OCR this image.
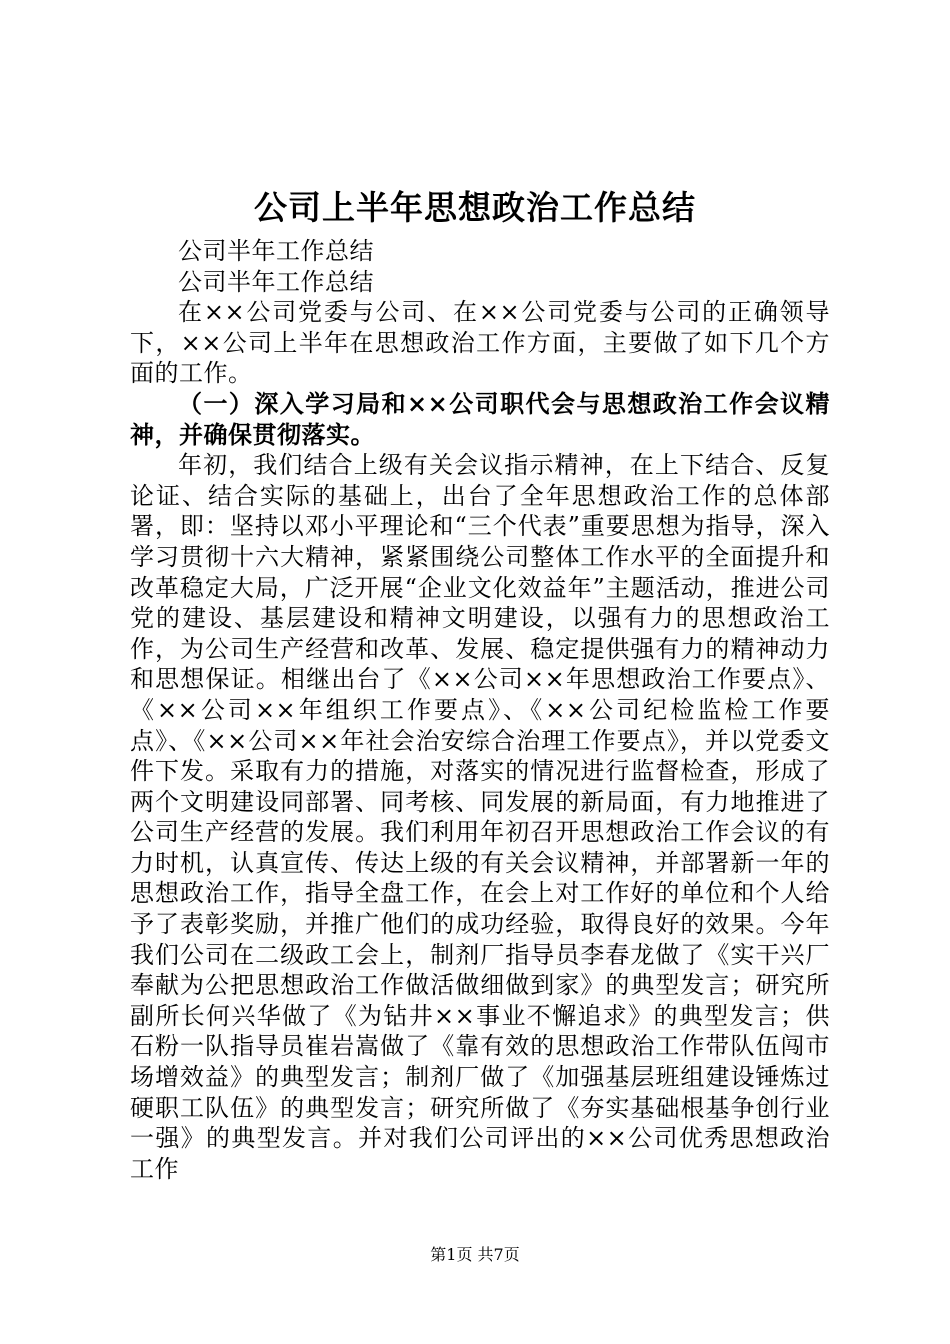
公司上半年思想政治工作总结

公司半年工作总结

公司半年工作总结

在××公司党委与公司、在××公司党委与公司的正确领导下，××公司上半年在思想政治工作方面，主要做了如下几个方面的工作。

（一）深入学习局和××公司职代会与思想政治工作会议精神，并确保贯彻落实。

年初，我们结合上级有关会议指示精神，在上下结合、反复论证、结合实际的基础上，出台了全年思想政治工作的总体部署，即：坚持以邓小平理论和“三个代表”重要思想为指导，深入学习贯彻十六大精神，紧紧围绕公司整体工作水平的全面提升和改革稳定大局，广泛开展“企业文化效益年”主题活动，推进公司党的建设、基层建设和精神文明建设，以强有力的思想政治工作，为公司生产经营和改革、发展、稳定提供强有力的精神动力和思想保证。相继出台了《××公司××年思想政治工作要点》、《××公司××年组织工作要点》、《××公司纪检监检工作要点》、《××公司××年社会治安综合治理工作要点》，并以党委文件下发。采取有力的措施，对落实的情况进行监督检查，形成了两个文明建设同部署、同考核、同发展的新局面，有力地推进了公司生产经营的发展。我们利用年初召开思想政治工作会议的有力时机，认真宣传、传达上级的有关会议精神，并部署新一年的思想政治工作，指导全盘工作，在会上对工作好的单位和个人给予了表彰奖励，并推广他们的成功经验，取得良好的效果。今年我们公司在二级政工会上，制剂厂指导员李春龙做了《实干兴厂奉献为公把思想政治工作做活做细做到家》的典型发言；研究所副所长何兴华做了《为钻井××事业不懈追求》的典型发言；供石粉一队指导员崔岩嵩做了《靠有效的思想政治工作带队伍闯市场增效益》的典型发言；制剂厂做了《加强基层班组建设锤炼过硬职工队伍》的典型发言；研究所做了《夯实基础根基争创行业一强》的典型发言。并对我们公司评出的××公司优秀思想政治工作

第1页 共7页
